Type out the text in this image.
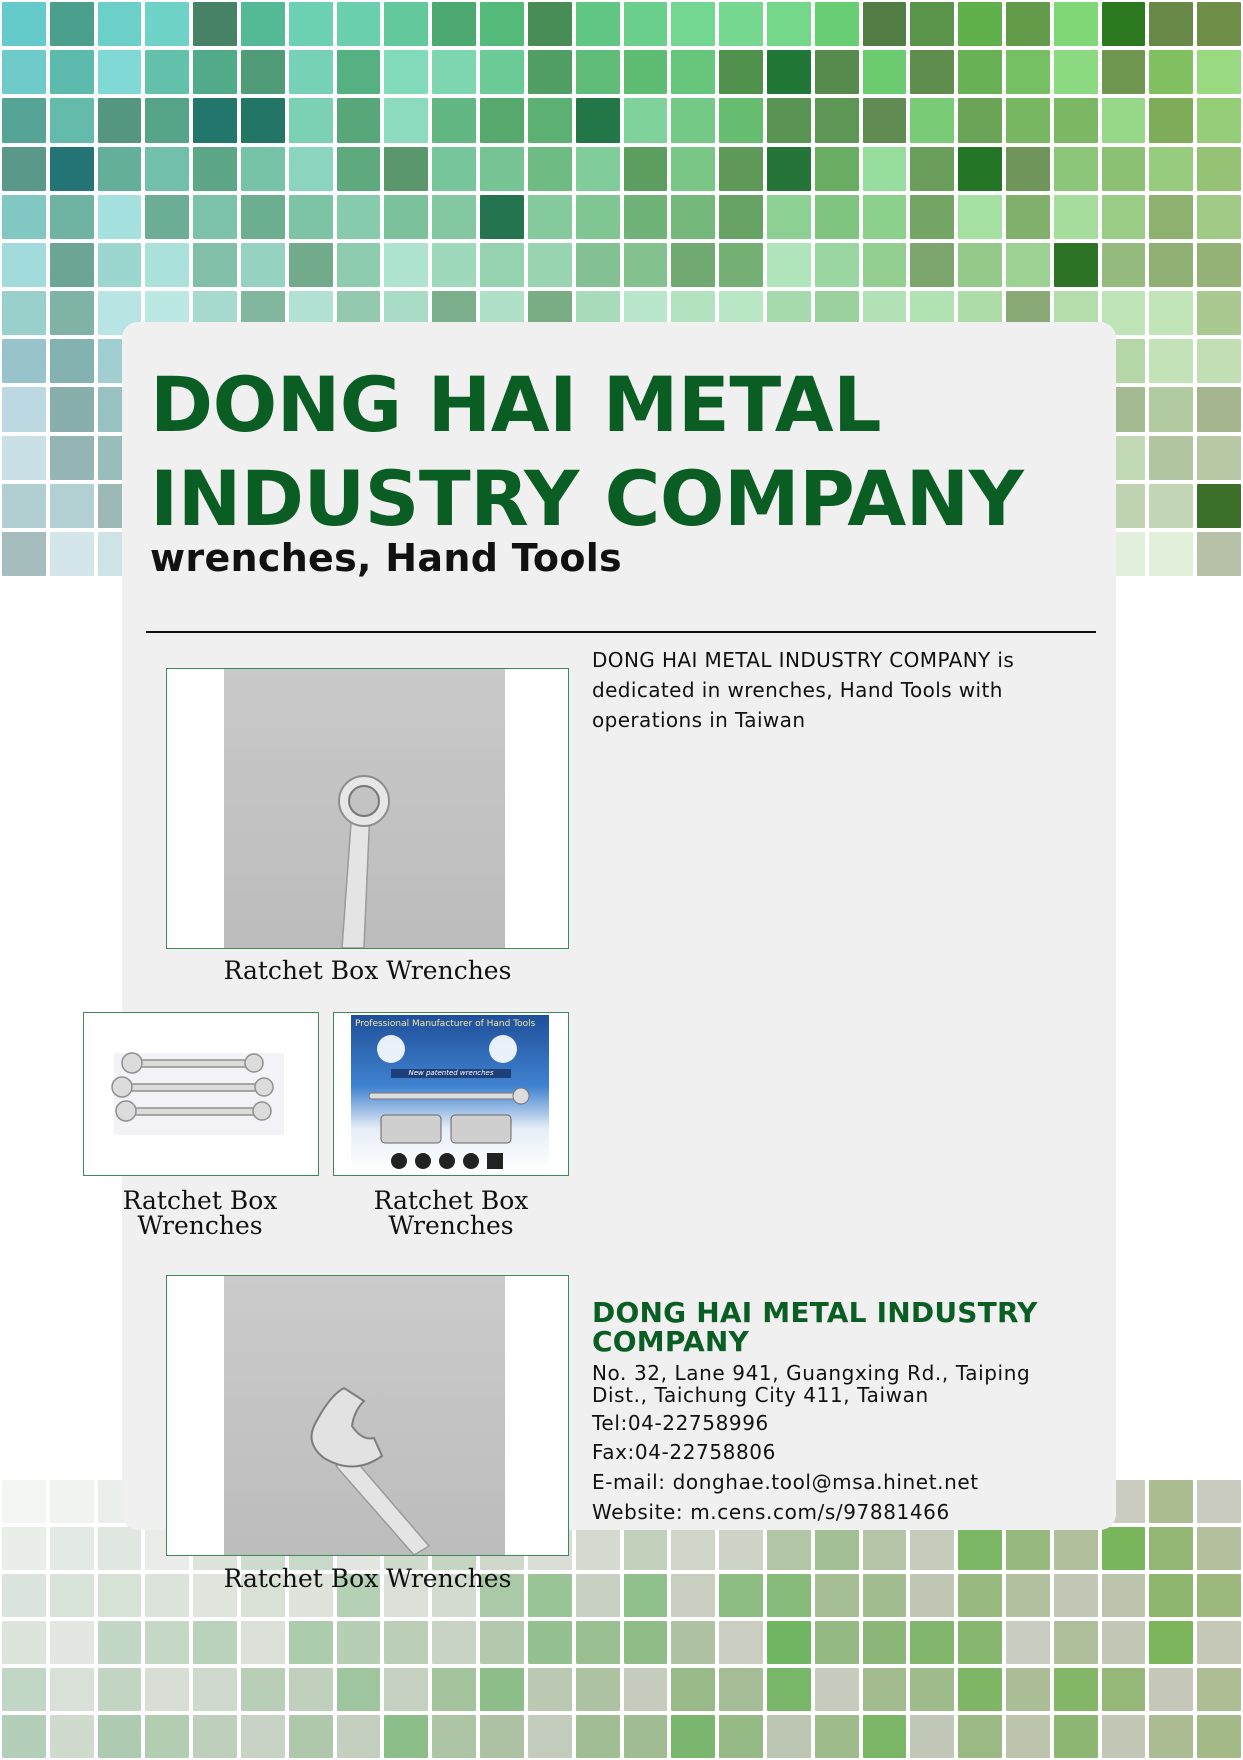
DONG HAI METAL INDUSTRY COMPANY
wrenches, Hand Tools
DONG HAI METAL INDUSTRY COMPANY is dedicated in wrenches, Hand Tools with operations in Taiwan
Ratchet Box Wrenches
Ratchet Box Wrenches
Professional Manufacturer of Hand Tools
New patented wrenches
Ratchet Box Wrenches
Ratchet Box Wrenches
DONG HAI METAL INDUSTRY COMPANY
No. 32, Lane 941, Guangxing Rd., Taiping Dist., Taichung City 411, Taiwan
Tel:04-22758996
Fax:04-22758806
E-mail: donghae.tool@msa.hinet.net
Website: m.cens.com/s/97881466
